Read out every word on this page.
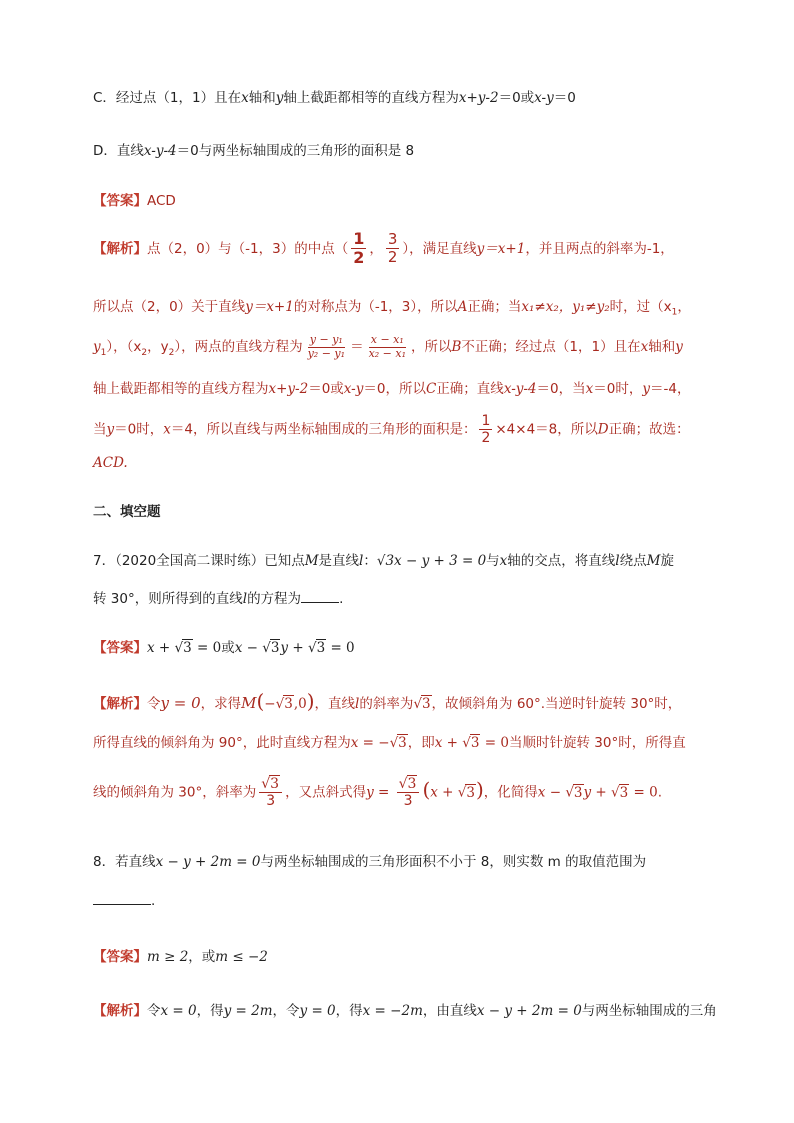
C．经过点（1，1）且在x轴和y轴上截距都相等的直线方程为x+y-2＝0或x-y＝0
D．直线x-y-4＝0与两坐标轴围成的三角形的面积是 8
【答案】ACD
【解析】点（2，0）与（-1，3）的中点（ $\frac{1}{2}$ ， $\frac{3}{2}$ ），满足直线y＝x+1，并且两点的斜率为-1，
所以点（2，0）关于直线y＝x+1的对称点为（-1，3），所以A正确；当x₁≠x₂，y₁≠y₂时，过（$x_1$，
$y_1$），（$x_2$，$y_2$），两点的直线方程为 $\frac{\text{y − y₁}}{\text{y₂ − y₁}} = \frac{\text{x − x₁}}{\text{x₂ − x₁}}$ ，所以B不正确；经过点（1，1）且在x轴和y
轴上截距都相等的直线方程为x+y-2＝0或x-y＝0，所以C正确；直线x-y-4＝0，当x＝0时，y＝-4，
当y＝0时，x＝4，所以直线与两坐标轴围成的三角形的面积是： $\frac{1}{2} \times 4\times 4=8$，所以D正确；故选：
ACD.
二、填空题
7．（2020全国高二课时练）已知点M是直线l：√3x − y + 3 = 0与x轴的交点，将直线l绕点M旋
转 30°，则所得到的直线l的方程为	.
【答案】x + √3 = 0或x − √3y + √3 = 0
【解析】令y = 0，求得M(−√3,0)，直线l的斜率为√3，故倾斜角为 60°.当逆时针旋转 30°时，
所得直线的倾斜角为 90°，此时直线方程为x = −√3，即x + √3 = 0当顺时针旋转 30°时，所得直
线的倾斜角为 30°，斜率为 $\frac{√3}{3}$ ，又点斜式得$y = \frac{√3}{3} (x + √3)$，化简得x − √3y + √3 = 0.
8．若直线x − y + 2m = 0与两坐标轴围成的三角形面积不小于 8，则实数 m 的取值范围为
.
【答案】m ≥ 2，或m ≤ −2
【解析】令x = 0，得y = 2m，令y = 0，得x = −2m，由直线x − y + 2m = 0与两坐标轴围成的三角
